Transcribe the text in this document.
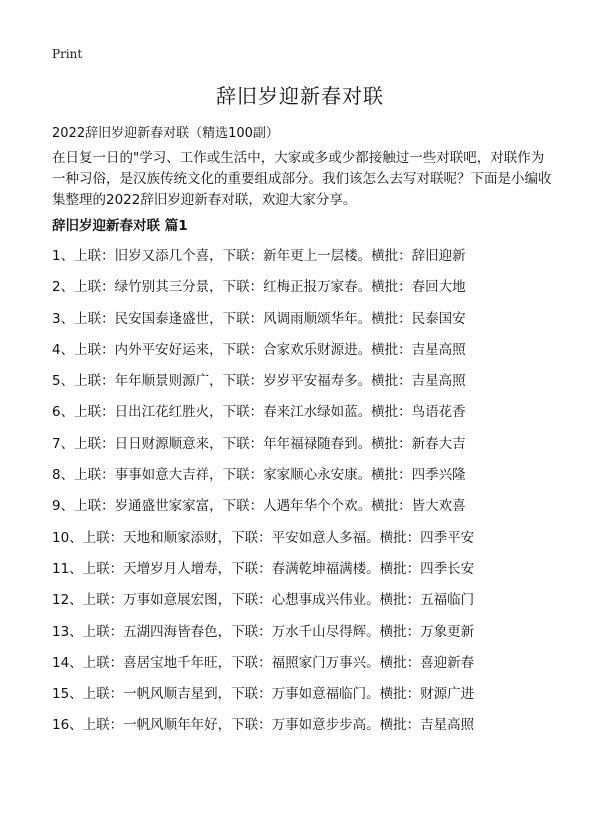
Print
辞旧岁迎新春对联
2022辞旧岁迎新春对联（精选100副）

在日复一日的"学习、工作或生活中，大家或多或少都接触过一些对联吧，对联作为一种习俗，是汉族传统文化的重要组成部分。我们该怎么去写对联呢？下面是小编收集整理的2022辞旧岁迎新春对联，欢迎大家分享。

辞旧岁迎新春对联 篇1
1、上联：旧岁又添几个喜，下联：新年更上一层楼。横批：辞旧迎新
2、上联：绿竹别其三分景，下联：红梅正报万家春。横批：春回大地
3、上联：民安国泰逢盛世，下联：风调雨顺颂华年。横批：民泰国安
4、上联：内外平安好运来，下联：合家欢乐财源进。横批：吉星高照
5、上联：年年顺景则源广，下联：岁岁平安福寿多。横批：吉星高照
6、上联：日出江花红胜火，下联：春来江水绿如蓝。横批：鸟语花香
7、上联：日日财源顺意来，下联：年年福禄随春到。横批：新春大吉
8、上联：事事如意大吉祥，下联：家家顺心永安康。横批：四季兴隆
9、上联：岁通盛世家家富，下联：人遇年华个个欢。横批：皆大欢喜
10、上联：天地和顺家添财，下联：平安如意人多福。横批：四季平安
11、上联：天增岁月人增寿，下联：春满乾坤福满楼。横批：四季长安
12、上联：万事如意展宏图，下联：心想事成兴伟业。横批：五福临门
13、上联：五湖四海皆春色，下联：万水千山尽得辉。横批：万象更新
14、上联：喜居宝地千年旺，下联：福照家门万事兴。横批：喜迎新春
15、上联：一帆风顺吉星到，下联：万事如意福临门。横批：财源广进
16、上联：一帆风顺年年好，下联：万事如意步步高。横批：吉星高照
